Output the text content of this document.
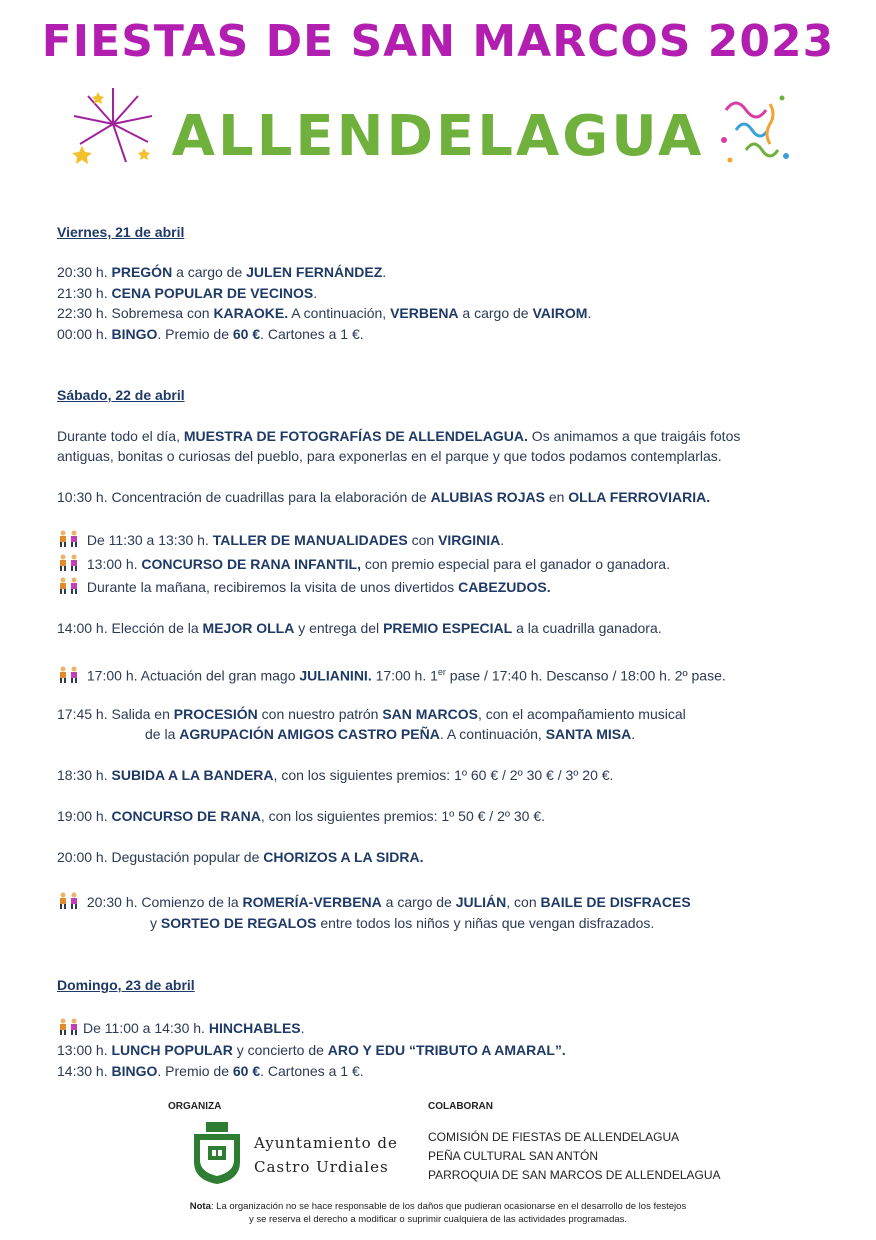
FIESTAS DE SAN MARCOS 2023
ALLENDELAGUA
Viernes, 21 de abril
20:30 h. PREGÓN a cargo de JULEN FERNÁNDEZ.
21:30 h. CENA POPULAR DE VECINOS.
22:30 h. Sobremesa con KARAOKE. A continuación, VERBENA a cargo de VAIROM.
00:00 h. BINGO. Premio de 60 €. Cartones a 1 €.
Sábado, 22 de abril
Durante todo el día, MUESTRA DE FOTOGRAFÍAS DE ALLENDELAGUA. Os animamos a que traigáis fotos
antiguas, bonitas o curiosas del pueblo, para exponerlas en el parque y que todos podamos contemplarlas.
10:30 h. Concentración de cuadrillas para la elaboración de ALUBIAS ROJAS en OLLA FERROVIARIA.
De 11:30 a 13:30 h. TALLER DE MANUALIDADES con VIRGINIA.
13:00 h. CONCURSO DE RANA INFANTIL, con premio especial para el ganador o ganadora.
Durante la mañana, recibiremos la visita de unos divertidos CABEZUDOS.
14:00 h. Elección de la MEJOR OLLA y entrega del PREMIO ESPECIAL a la cuadrilla ganadora.
17:00 h. Actuación del gran mago JULIANINI. 17:00 h. 1er pase / 17:40 h. Descanso / 18:00 h. 2º pase.
17:45 h. Salida en PROCESIÓN con nuestro patrón SAN MARCOS, con el acompañamiento musical
de la AGRUPACIÓN AMIGOS CASTRO PEÑA. A continuación, SANTA MISA.
18:30 h. SUBIDA A LA BANDERA, con los siguientes premios: 1º 60 € / 2º 30 € / 3º 20 €.
19:00 h. CONCURSO DE RANA, con los siguientes premios: 1º 50 € / 2º 30 €.
20:00 h. Degustación popular de CHORIZOS A LA SIDRA.
20:30 h. Comienzo de la ROMERÍA-VERBENA a cargo de JULIÁN, con BAILE DE DISFRACES
y SORTEO DE REGALOS entre todos los niños y niñas que vengan disfrazados.
Domingo, 23 de abril
De 11:00 a 14:30 h. HINCHABLES.
13:00 h. LUNCH POPULAR y concierto de ARO Y EDU “TRIBUTO A AMARAL”.
14:30 h. BINGO. Premio de 60 €. Cartones a 1 €.
ORGANIZA	COLABORAN
Ayuntamiento de
Castro Urdiales
COMISIÓN DE FIESTAS DE ALLENDELAGUA
PEÑA CULTURAL SAN ANTÓN
PARROQUIA DE SAN MARCOS DE ALLENDELAGUA
Nota: La organización no se hace responsable de los daños que pudieran ocasionarse en el desarrollo de los festejos
y se reserva el derecho a modificar o suprimir cualquiera de las actividades programadas.
